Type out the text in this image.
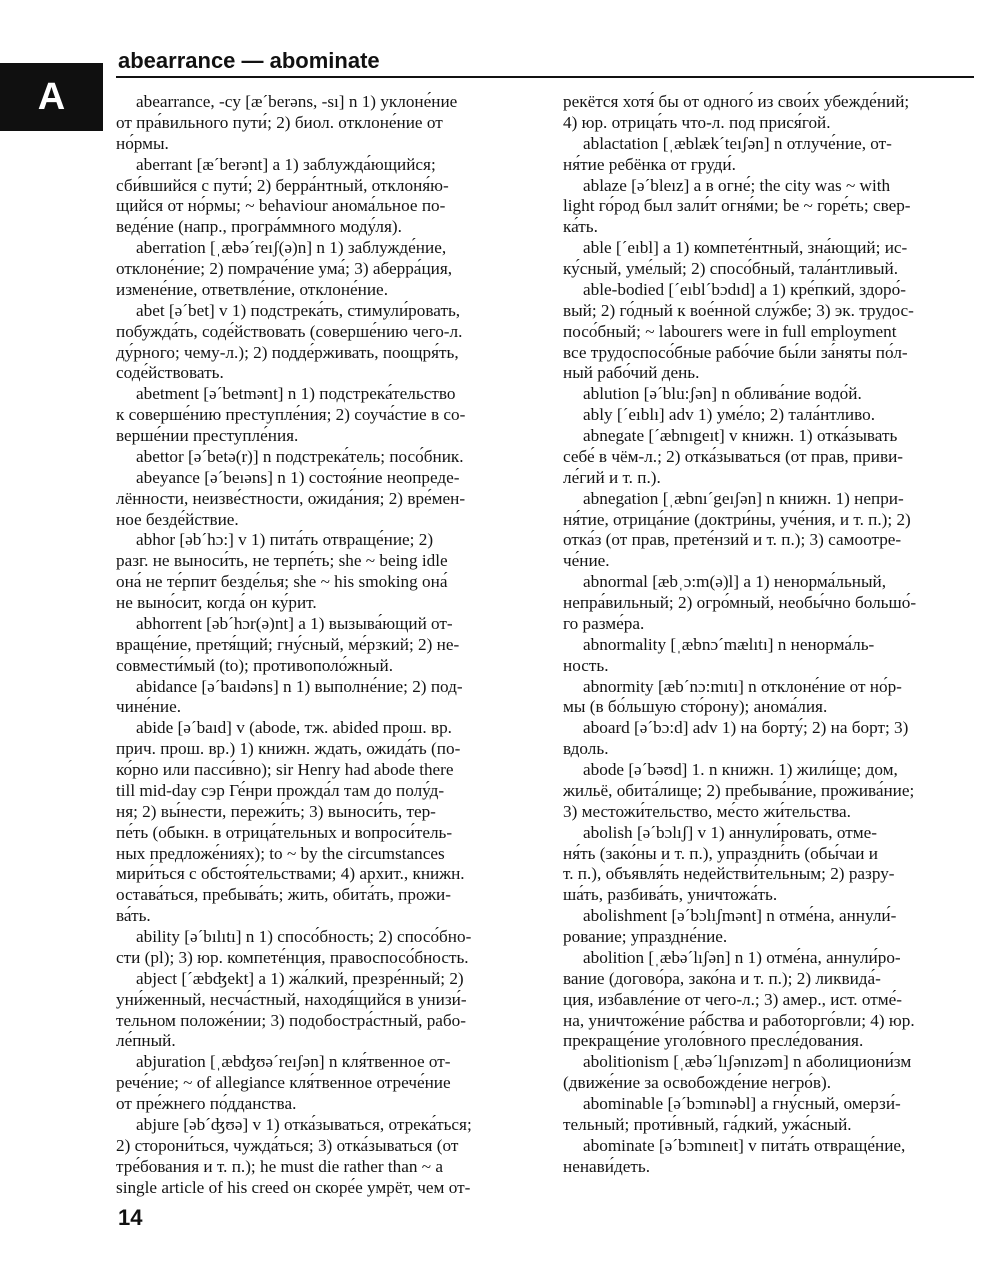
A
abearrance — abominate
abearrance, -cy [æ´berəns, -sı] n 1) уклоне́ние
от пра́вильного пути́; 2) биол. отклоне́ние от
но́рмы.
aberrant [æ´berənt] a 1) заблужда́ющийся;
сби́вшийся с пути́; 2) берра́нтный, отклоня́ю-
щийся от но́рмы; ~ behaviour анома́льное по-
веде́ние (напр., програ́ммного моду́ля).
aberration [ˌæbə´reıʃ(ə)n] n 1) заблужде́ние,
отклоне́ние; 2) помраче́ние ума́; 3) аберра́ция,
измене́ние, ответвле́ние, отклоне́ние.
abet [ə´bet] v 1) подстрека́ть, стимули́ровать,
побужда́ть, соде́йствовать (соверше́нию чего-л.
ду́рного; чему-л.); 2) подде́рживать, поощря́ть,
соде́йствовать.
abetment [ə´betmənt] n 1) подстрека́тельство
к соверше́нию преступле́ния; 2) соуча́стие в со-
верше́нии преступле́ния.
abettor [ə´betə(r)] n подстрека́тель; посо́бник.
abeyance [ə´beıəns] n 1) состоя́ние неопреде-
лённости, неизве́стности, ожида́ния; 2) вре́мен-
ное безде́йствие.
abhor [əb´hɔ:] v 1) пита́ть отвраще́ние; 2)
разг. не выноси́ть, не терпе́ть; she ~ being idle
она́ не те́рпит безде́лья; she ~ his smoking она́
не выно́сит, когда́ он ку́рит.
abhorrent [əb´hɔr(ə)nt] a 1) вызыва́ющий от-
враще́ние, претя́щий; гну́сный, ме́рзкий; 2) не-
совмести́мый (to); противополо́жный.
abidance [ə´baıdəns] n 1) выполне́ние; 2) под-
чине́ние.
abide [ə´baıd] v (abode, тж. abided прош. вр.
прич. прош. вр.) 1) книжн. ждать, ожида́ть (по-
ко́рно или пасси́вно); sir Henry had abode there
till mid-day сэр Ге́нри прожда́л там до полу́д-
ня; 2) вы́нести, пережи́ть; 3) выноси́ть, тер-
пе́ть (обыкн. в отрица́тельных и вопроси́тель-
ных предложе́ниях); to ~ by the circumstances
мири́ться с обстоя́тельствами; 4) архит., книжн.
остава́ться, пребыва́ть; жить, обита́ть, прожи-
ва́ть.
ability [ə´bılıtı] n 1) спосо́бность; 2) спосо́бно-
сти (pl); 3) юр. компете́нция, правоспосо́бность.
abject [´æbʤekt] a 1) жа́лкий, презре́нный; 2)
уни́женный, несча́стный, находя́щийся в унизи́-
тельном положе́нии; 3) подобостра́стный, рабо-
ле́пный.
abjuration [ˌæbʤʊə´reıʃən] n кля́твенное от-
рече́ние; ~ of allegiance кля́твенное отрече́ние
от пре́жнего по́дданства.
abjure [əb´ʤʊə] v 1) отка́зываться, отрека́ться;
2) сторони́ться, чужда́ться; 3) отка́зываться (от
тре́бования и т. п.); he must die rather than ~ a
single article of his creed он скоре́е умрёт, чем от-
рекётся хотя́ бы от одного́ из свои́х убежде́ний;
4) юр. отрица́ть что-л. под прися́гой.
ablactation [ˌæblæk´teıʃən] n отлуче́ние, от-
ня́тие ребёнка от груди́.
ablaze [ə´bleız] a в огне́; the city was ~ with
light го́род был зали́т огня́ми; be ~ горе́ть; свер-
ка́ть.
able [´eıbl] a 1) компете́нтный, зна́ющий; ис-
ку́сный, уме́лый; 2) спосо́бный, тала́нтливый.
able-bodied [´eıbl´bɔdıd] a 1) кре́пкий, здоро́-
вый; 2) го́дный к вое́нной слу́жбе; 3) эк. трудос-
посо́бный; ~ labourers were in full employment
все трудоспосо́бные рабо́чие бы́ли за́няты по́л-
ный рабо́чий день.
ablution [ə´blu:ʃən] n облива́ние водо́й.
ably [´eıblı] adv 1) уме́ло; 2) тала́нтливо.
abnegate [´æbnıgeıt] v книжн. 1) отка́зывать
себе́ в чём-л.; 2) отка́зываться (от прав, приви-
ле́гий и т. п.).
abnegation [ˌæbnı´geıʃən] n книжн. 1) непри-
ня́тие, отрица́ние (доктри́ны, уче́ния, и т. п.); 2)
отка́з (от прав, прете́нзий и т. п.); 3) самоотре-
че́ние.
abnormal [æbˌɔ:m(ə)l] a 1) ненорма́льный,
непра́вильный; 2) огро́мный, необы́чно большо́-
го разме́ра.
abnormality [ˌæbnɔ´mælıtı] n ненорма́ль-
ность.
abnormity [æb´nɔ:mıtı] n отклоне́ние от но́р-
мы (в бо́льшую сто́рону); анома́лия.
aboard [ə´bɔ:d] adv 1) на борту́; 2) на борт; 3)
вдоль.
abode [ə´bəʊd] 1. n книжн. 1) жили́ще; дом,
жильё, обита́лище; 2) пребыва́ние, прожива́ние;
3) местожи́тельство, ме́сто жи́тельства.
abolish [ə´bɔlıʃ] v 1) аннули́ровать, отме-
ня́ть (зако́ны и т. п.), упраздни́ть (обы́чаи и
т. п.), объявля́ть недействи́тельным; 2) разру-
ша́ть, разбива́ть, уничтожа́ть.
abolishment [ə´bɔlıʃmənt] n отме́на, аннули́-
рование; упраздне́ние.
abolition [ˌæbə´lıʃən] n 1) отме́на, аннули́ро-
вание (догово́ра, зако́на и т. п.); 2) ликвида́-
ция, избавле́ние от чего-л.; 3) амер., ист. отме́-
на, уничтоже́ние ра́бства и работорго́вли; 4) юр.
прекраще́ние уголо́вного пресле́дования.
abolitionism [ˌæbə´lıʃənızəm] n аболициони́зм
(движе́ние за освобожде́ние негро́в).
abominable [ə´bɔmınəbl] a гну́сный, омерзи́-
тельный; проти́вный, га́дкий, ужа́сный.
abominate [ə´bɔmıneıt] v пита́ть отвраще́ние,
ненави́деть.
14
